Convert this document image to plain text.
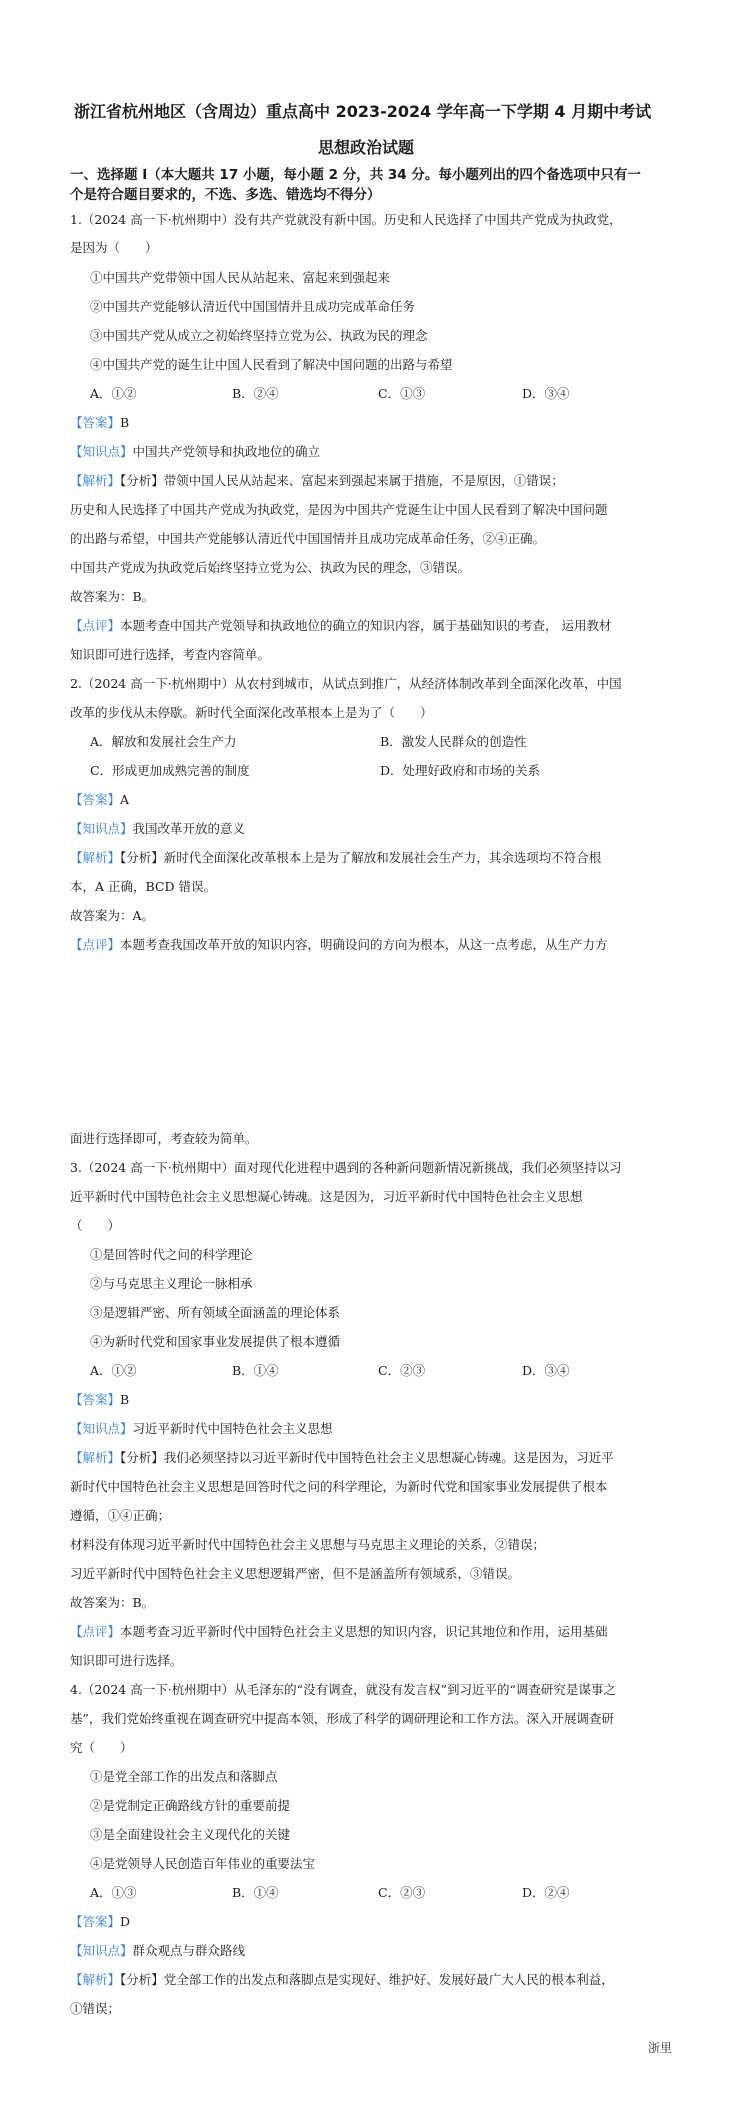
浙江省杭州地区（含周边）重点高中 2023-2024 学年高一下学期 4 月期中考试
思想政治试题
一、选择题 I（本大题共 17 小题，每小题 2 分，共 34 分。每小题列出的四个备选项中只有一
个是符合题目要求的，不选、多选、错选均不得分）
1.（2024 高一下·杭州期中）没有共产党就没有新中国。历史和人民选择了中国共产党成为执政党，
是因为（　　）
①中国共产党带领中国人民从站起来、富起来到强起来
②中国共产党能够认清近代中国国情并且成功完成革命任务
③中国共产党从成立之初始终坚持立党为公、执政为民的理念
④中国共产党的诞生让中国人民看到了解决中国问题的出路与希望
A．①②	B．②④	C．①③	D．③④
【答案】B
【知识点】中国共产党领导和执政地位的确立
【解析】【分析】带领中国人民从站起来、富起来到强起来属于措施，不是原因，①错误；
历史和人民选择了中国共产党成为执政党，是因为中国共产党诞生让中国人民看到了解决中国问题
的出路与希望，中国共产党能够认清近代中国国情并且成功完成革命任务，②④正确。
中国共产党成为执政党后始终坚持立党为公、执政为民的理念，③错误。
故答案为：B。
【点评】本题考查中国共产党领导和执政地位的确立的知识内容，属于基础知识的考查， 运用教材
知识即可进行选择，考查内容简单。
2.（2024 高一下·杭州期中）从农村到城市，从试点到推广，从经济体制改革到全面深化改革，中国
改革的步伐从未停歇。新时代全面深化改革根本上是为了（　　）
A．解放和发展社会生产力	B．激发人民群众的创造性
C．形成更加成熟完善的制度	D．处理好政府和市场的关系
【答案】A
【知识点】我国改革开放的意义
【解析】【分析】新时代全面深化改革根本上是为了解放和发展社会生产力，其余选项均不符合根
本，A 正确，BCD 错误。
故答案为：A。
【点评】本题考查我国改革开放的知识内容，明确设问的方向为根本，从这一点考虑，从生产力方
面进行选择即可，考查较为简单。
3.（2024 高一下·杭州期中）面对现代化进程中遇到的各种新问题新情况新挑战，我们必须坚持以习
近平新时代中国特色社会主义思想凝心铸魂。这是因为，习近平新时代中国特色社会主义思想
（　　）
①是回答时代之问的科学理论
②与马克思主义理论一脉相承
③是逻辑严密、所有领域全面涵盖的理论体系
④为新时代党和国家事业发展提供了根本遵循
A．①②	B．①④	C．②③	D．③④
【答案】B
【知识点】习近平新时代中国特色社会主义思想
【解析】【分析】我们必须坚持以习近平新时代中国特色社会主义思想凝心铸魂。这是因为，习近平
新时代中国特色社会主义思想是回答时代之问的科学理论，为新时代党和国家事业发展提供了根本
遵循，①④正确；
材料没有体现习近平新时代中国特色社会主义思想与马克思主义理论的关系，②错误；
习近平新时代中国特色社会主义思想逻辑严密，但不是涵盖所有领域系，③错误。
故答案为：B。
【点评】本题考查习近平新时代中国特色社会主义思想的知识内容，识记其地位和作用，运用基础
知识即可进行选择。
4.（2024 高一下·杭州期中）从毛泽东的“没有调查，就没有发言权”到习近平的“调查研究是谋事之
基”，我们党始终重视在调查研究中提高本领，形成了科学的调研理论和工作方法。深入开展调查研
究（　　）
①是党全部工作的出发点和落脚点
②是党制定正确路线方针的重要前提
③是全面建设社会主义现代化的关键
④是党领导人民创造百年伟业的重要法宝
A．①③	B．①④	C．②③	D．②④
【答案】D
【知识点】群众观点与群众路线
【解析】【分析】党全部工作的出发点和落脚点是实现好、维护好、发展好最广大人民的根本利益，
①错误；
浙里
